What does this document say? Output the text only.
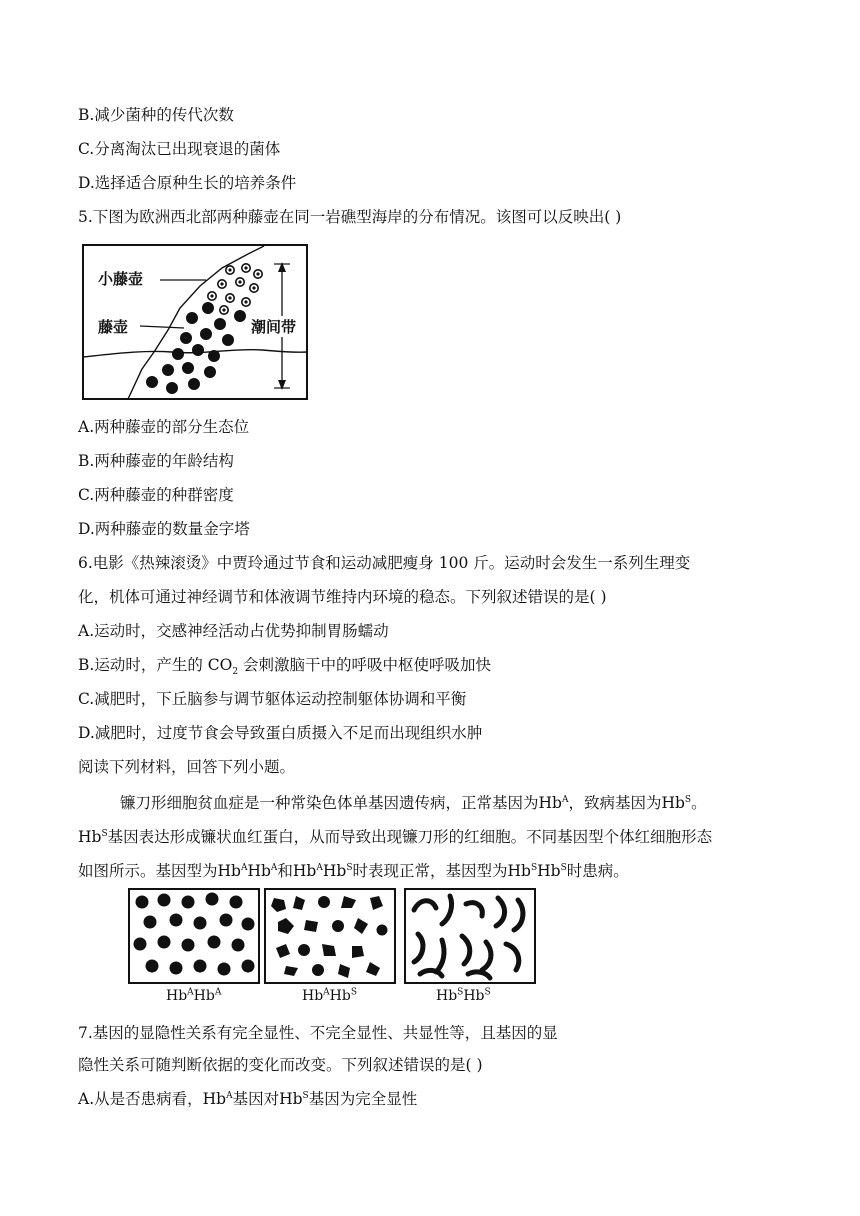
B.减少菌种的传代次数
C.分离淘汰已出现衰退的菌体
D.选择适合原种生长的培养条件
5.下图为欧洲西北部两种藤壶在同一岩礁型海岸的分布情况。该图可以反映出( )
小藤壶
藤壶	潮间带
A.两种藤壶的部分生态位
B.两种藤壶的年龄结构
C.两种藤壶的种群密度
D.两种藤壶的数量金字塔
6.电影《热辣滚烫》中贾玲通过节食和运动减肥瘦身 100 斤。运动时会发生一系列生理变
化，机体可通过神经调节和体液调节维持内环境的稳态。下列叙述错误的是( )
A.运动时，交感神经活动占优势抑制胃肠蠕动
B.运动时，产生的 $CO_2$ 会刺激脑干中的呼吸中枢使呼吸加快
C.减肥时，下丘脑参与调节躯体运动控制躯体协调和平衡
D.减肥时，过度节食会导致蛋白质摄入不足而出现组织水肿
阅读下列材料，回答下列小题。
镰刀形细胞贫血症是一种常染色体单基因遗传病，正常基因为$Hb^A$，致病基因为$Hb^S$。
$Hb^S$基因表达形成镰状血红蛋白，从而导致出现镰刀形的红细胞。不同基因型个体红细胞形态
如图所示。基因型为$Hb^AHb^A$和$Hb^AHb^S$时表现正常，基因型为$Hb^SHb^S$时患病。
$Hb^AHb^A$	$Hb^AHb^S$	$Hb^SHb^S$
7.基因的显隐性关系有完全显性、不完全显性、共显性等，且基因的显
隐性关系可随判断依据的变化而改变。下列叙述错误的是( )
A.从是否患病看，$Hb^A$基因对$Hb^S$基因为完全显性
